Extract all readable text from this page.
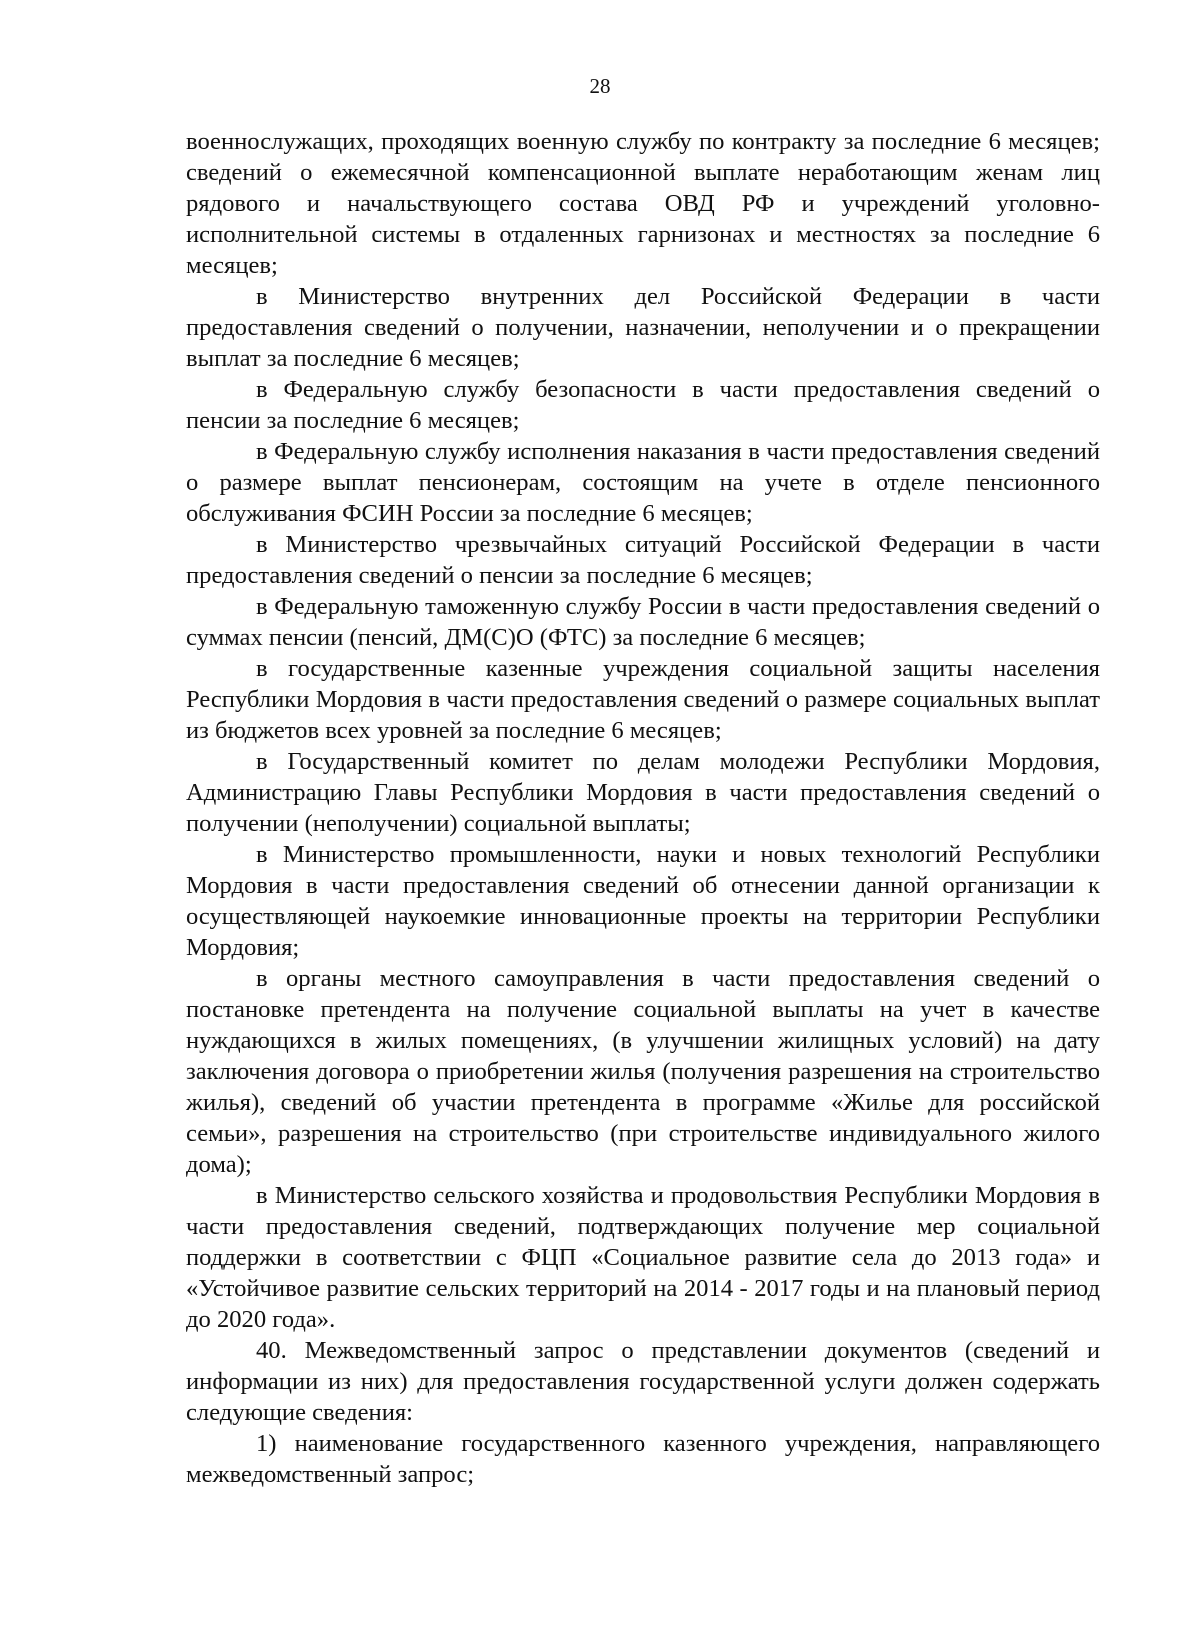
28

военнослужащих, проходящих военную службу по контракту за последние 6 месяцев; сведений о ежемесячной компенсационной выплате неработающим женам лиц рядового и начальствующего состава ОВД РФ и учреждений уголовно-исполнительной системы в отдаленных гарнизонах и местностях за последние 6 месяцев;

в Министерство внутренних дел Российской Федерации в части предоставления сведений о получении, назначении, неполучении и о прекращении выплат за последние 6 месяцев;

в Федеральную службу безопасности в части предоставления сведений о пенсии за последние 6 месяцев;

в Федеральную службу исполнения наказания в части предоставления сведений о размере выплат пенсионерам, состоящим на учете в отделе пенсионного обслуживания ФСИН России за последние 6 месяцев;

в Министерство чрезвычайных ситуаций Российской Федерации в части предоставления сведений о пенсии за последние 6 месяцев;

в Федеральную таможенную службу России в части предоставления сведений о суммах пенсии (пенсий, ДМ(С)О (ФТС) за последние 6 месяцев;

в государственные казенные учреждения социальной защиты населения Республики Мордовия в части предоставления сведений о размере социальных выплат из бюджетов всех уровней за последние 6 месяцев;

в Государственный комитет по делам молодежи Республики Мордовия, Администрацию Главы Республики Мордовия в части предоставления сведений о получении (неполучении) социальной выплаты;

в Министерство промышленности, науки и новых технологий Республики Мордовия в части предоставления сведений об отнесении данной организации к осуществляющей наукоемкие инновационные проекты на территории Республики Мордовия;

в органы местного самоуправления в части предоставления сведений о постановке претендента на получение социальной выплаты на учет в качестве нуждающихся в жилых помещениях, (в улучшении жилищных условий) на дату заключения договора о приобретении жилья (получения разрешения на строительство жилья), сведений об участии претендента в программе «Жилье для российской семьи», разрешения на строительство (при строительстве индивидуального жилого дома);

в Министерство сельского хозяйства и продовольствия Республики Мордовия в части предоставления сведений, подтверждающих получение мер социальной поддержки в соответствии с ФЦП «Социальное развитие села до 2013 года» и «Устойчивое развитие сельских территорий на 2014 - 2017 годы и на плановый период до 2020 года».

40. Межведомственный запрос о представлении документов (сведений и информации из них) для предоставления государственной услуги должен содержать следующие сведения:

1) наименование государственного казенного учреждения, направляющего межведомственный запрос;
